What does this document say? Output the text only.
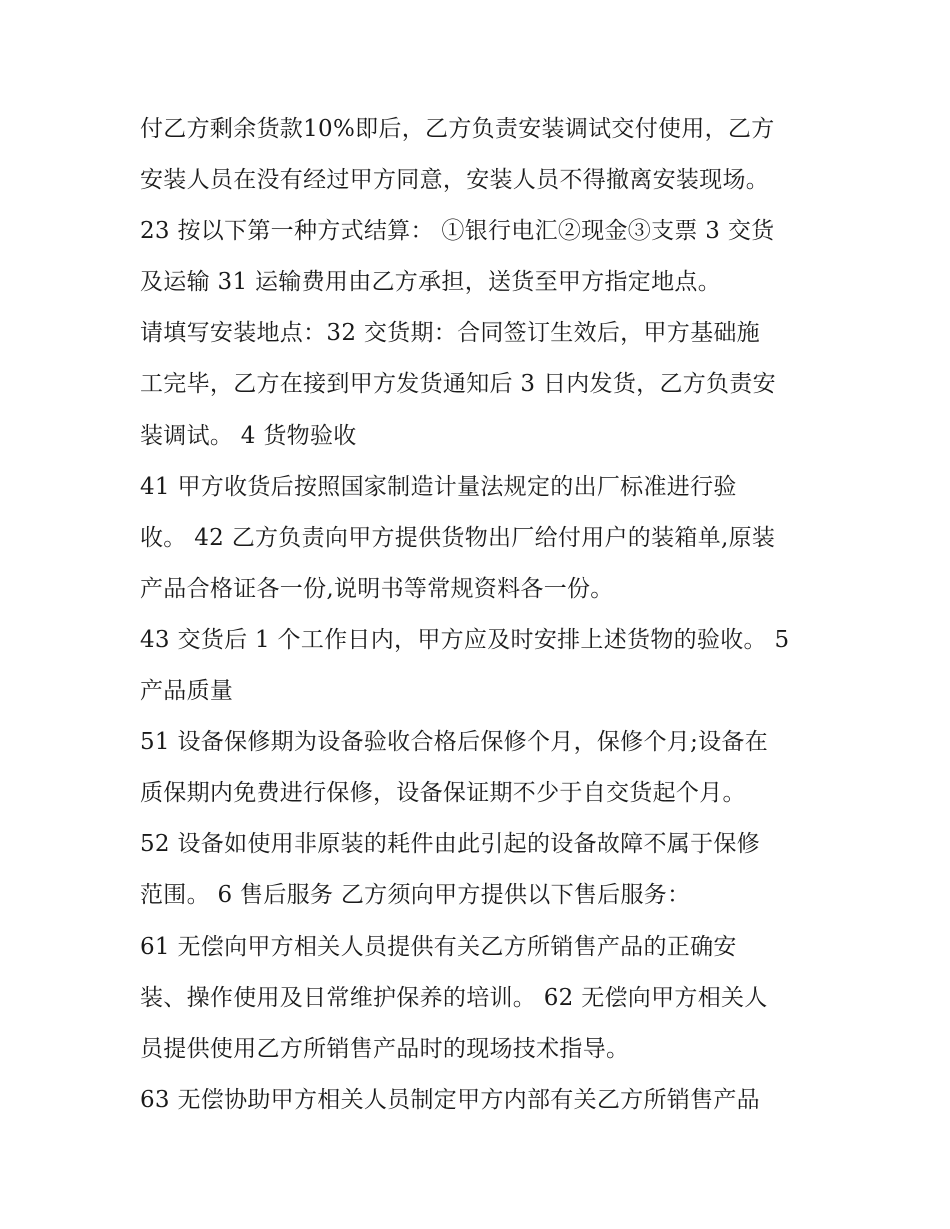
付乙方剩余货款10%即后，乙方负责安装调试交付使用，乙方
安装人员在没有经过甲方同意，安装人员不得撤离安装现场。
23 按以下第一种方式结算： ①银行电汇②现金③支票 3 交货
及运输 31 运输费用由乙方承担，送货至甲方指定地点。
请填写安装地点：32 交货期：合同签订生效后，甲方基础施
工完毕，乙方在接到甲方发货通知后 3 日内发货，乙方负责安
装调试。 4 货物验收
41 甲方收货后按照国家制造计量法规定的出厂标准进行验
收。 42 乙方负责向甲方提供货物出厂给付用户的装箱单,原装
产品合格证各一份,说明书等常规资料各一份。
43 交货后 1 个工作日内，甲方应及时安排上述货物的验收。 5
产品质量
51 设备保修期为设备验收合格后保修个月，保修个月;设备在
质保期内免费进行保修，设备保证期不少于自交货起个月。
52 设备如使用非原装的耗件由此引起的设备故障不属于保修
范围。 6 售后服务 乙方须向甲方提供以下售后服务：
61 无偿向甲方相关人员提供有关乙方所销售产品的正确安
装、操作使用及日常维护保养的培训。 62 无偿向甲方相关人
员提供使用乙方所销售产品时的现场技术指导。
63 无偿协助甲方相关人员制定甲方内部有关乙方所销售产品
